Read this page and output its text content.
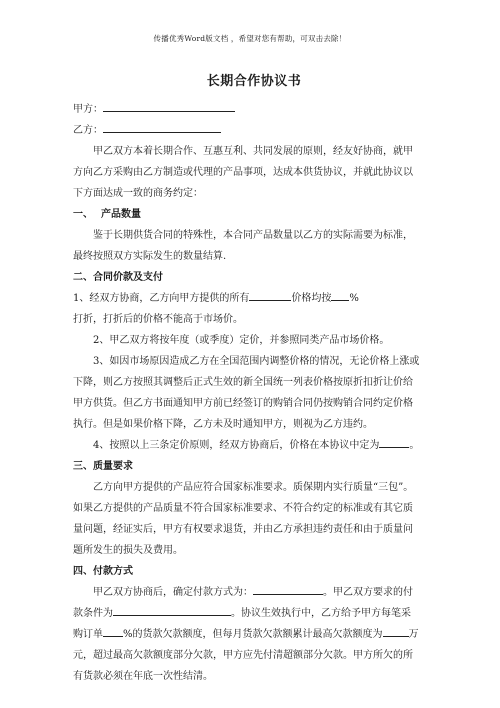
传播优秀Word版文档 ，希望对您有帮助，可双击去除！
长期合作协议书
甲方：
乙方：
甲乙双方本着长期合作、互惠互利、共同发展的原则，经友好协商，就甲
方向乙方采购由乙方制造或代理的产品事项，达成本供货协议，并就此协议以
下方面达成一致的商务约定：
一、 产品数量
鉴于长期供货合同的特殊性，本合同产品数量以乙方的实际需要为标准，
最终按照双方实际发生的数量结算.
二、合同价款及支付
1、经双方协商，乙方向甲方提供的所有	价格均按 %
打折，打折后的价格不能高于市场价。
2、甲乙双方将按年度（或季度）定价，并参照同类产品市场价格。
3、如因市场原因造成乙方在全国范围内调整价格的情况，无论价格上涨或
下降，则乙方按照其调整后正式生效的新全国统一列表价格按原折扣折让价给
甲方供货。但乙方书面通知甲方前已经签订的购销合同仍按购销合同约定价格
执行。但是如果价格下降，乙方未及时通知甲方，则视为乙方违约。
4、按照以上三条定价原则，经双方协商后，价格在本协议中定为	。
三、质量要求
乙方向甲方提供的产品应符合国家标准要求。质保期内实行质量“三包”。
如果乙方提供的产品质量不符合国家标准要求、不符合约定的标准或有其它质
量问题，经证实后，甲方有权要求退货，并由乙方承担违约责任和由于质量问
题所发生的损失及费用。
四、付款方式
甲乙双方协商后，确定付款方式为：	。甲乙双方要求的付
款条件为	。协议生效执行中，乙方给予甲方每笔采
购订单 %的货款欠款额度，但每月货款欠款额累计最高欠款额度为	万
元，超过最高欠款额度部分欠款，甲方应先付清超额部分欠款。甲方所欠的所
有货款必须在年底一次性结清。
